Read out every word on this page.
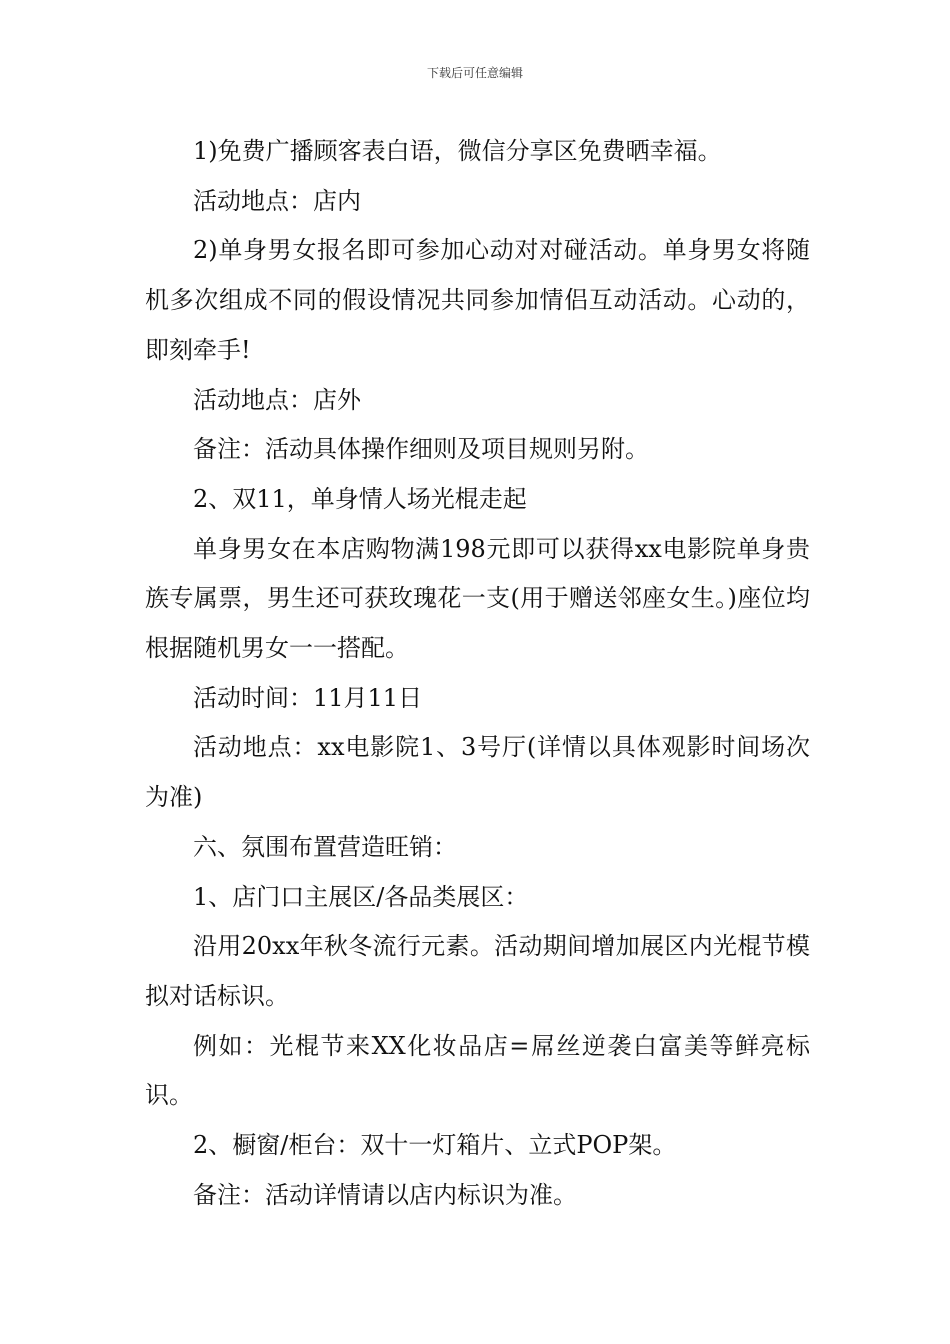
下载后可任意编辑

1)免费广播顾客表白语，微信分享区免费晒幸福。

活动地点：店内

2)单身男女报名即可参加心动对对碰活动。单身男女将随机多次组成不同的假设情况共同参加情侣互动活动。心动的，即刻牵手!

活动地点：店外

备注：活动具体操作细则及项目规则另附。

2、双11，单身情人场光棍走起

单身男女在本店购物满198元即可以获得xx电影院单身贵族专属票，男生还可获玫瑰花一支(用于赠送邻座女生。)座位均根据随机男女一一搭配。

活动时间：11月11日

活动地点：xx电影院1、3号厅(详情以具体观影时间场次为准)

六、氛围布置营造旺销：

1、店门口主展区/各品类展区：

沿用20xx年秋冬流行元素。活动期间增加展区内光棍节模拟对话标识。

例如：光棍节来XX化妆品店=屌丝逆袭白富美等鲜亮标识。

2、橱窗/柜台：双十一灯箱片、立式POP架。

备注：活动详情请以店内标识为准。
